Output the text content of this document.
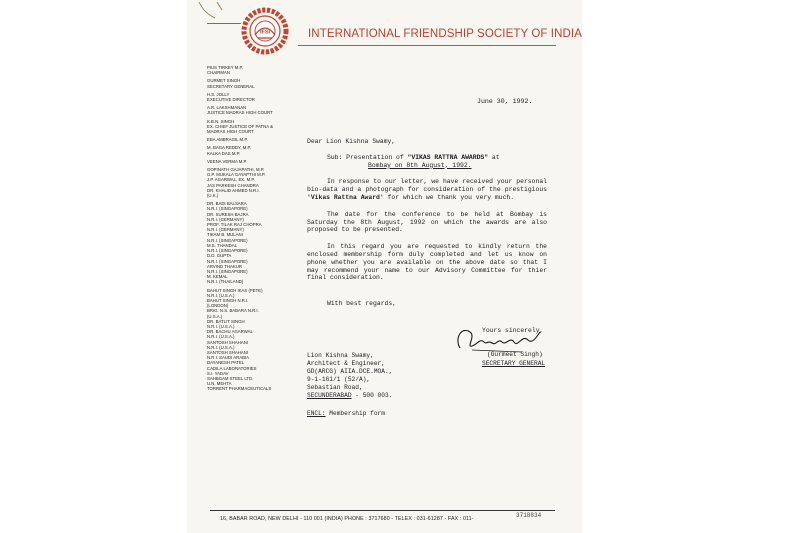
IFSI	INTERNATIONAL FRIENDSHIP SOCIETY OF INDIA
PIUS TIRKEY M.P.
CHAIRMAN
GURMET SINGH
SECRETARY GENERAL
H.S. JOLLY
EXECUTIVE DIRECTOR
A.R. LAKSHMANAN
JUSTICE MADRAS HIGH COURT
K.B.N. SINGH
EX. CHIEF JUSTICE OF PATNA &
MADRAS HIGH COURT
EBA AMBRAGIL M.P.
M. BAGA REDDY, M.P.
KALKA DAS M.P.
VEENA VERMA M.P.
GOPINATH GAJAPATHI, M.P.
G.P. MUKALA GAYAPTHI M.P.
J.P. AGARWAL, EX. M.P.
JAS PARKESH CHANDRA
DR. KHALID AHMED N.R.I.
(U.K.)
DR. BADI BALSARA
N.R.I. (SINGAPORE)
DR. SURESH BAJRA
N.R.I. (GERMANY)
PROF. TILAK RAJ CHOPRA
N.R.I. (GERMANY)
TIKAM B. MULANI
N.R.I. (SINGAPORE)
M.S. THANDAL
N.R.I. (SINGAPORE)
D.D. GUPTA
N.R.I. (SINGAPORE)
ARVIND THAKUR
N.R.I. (SINGAPORE)
M. KEMAL
N.R.I. (THAILAND)
BAHUT SINGH IKAS (PETE)
N.R.I. (U.S.A.)
BAHUT SINGH N.R.I.
(LONDON)
BRIG. N.S. BABARA N.R.I.
(U.S.A.)
DR. BATLIT SINGH
N.R.I. (U.S.A.)
DR. BACHU AGARWAL
N.R.I. (U.S.A.)
SANTOSH SHAHANI
N.R.I. (U.S.A.)
SANTOSH SHAHANI
N.R.I. SAUDI ARABIA
DAYANESH PATEL
CADILA LABORATORIES
S.I. YADAV
SAHBGAM STEEL LTD.
U.N. MEHTA
TORRENT PHARMACEUTICALS
June 30, 1992.
Dear Lion Kishna Swamy,
Sub: Presentation of "VIKAS RATTNA AWARDS" at
Bombay on 8th August, 1992.

In response to our letter, we have received your personal bio-data and a photograph for consideration of the prestigious 'Vikas Rattna Award' for which we thank you very much.

The date for the conference to be held at Bombay is Saturday the 8th August, 1992 on which the awards are also proposed to be presented.

In this regard you are requested to kindly return the enclosed membership form duly completed and let us know on phone whether you are available on the above date so that I may recommend your name to our Advisory Committee for thier final consideration.

With best regards,
Yours sincerely,
(Gurmeet Singh)
SECRETARY GENERAL
Lion Kishna Swamy,
Architect & Engineer,
GD(ARCG) AIIA.DCE.MOA.,
9-1-161/1 (52/A),
Sebastian Road,
SECUNDERABAD - 500 003.
ENCL: Membership form
16, BABAR ROAD, NEW DELHI - 110 001 (INDIA) PHONE : 3717680 - TELEX : 031-61287 - FAX : 011-	3718834
